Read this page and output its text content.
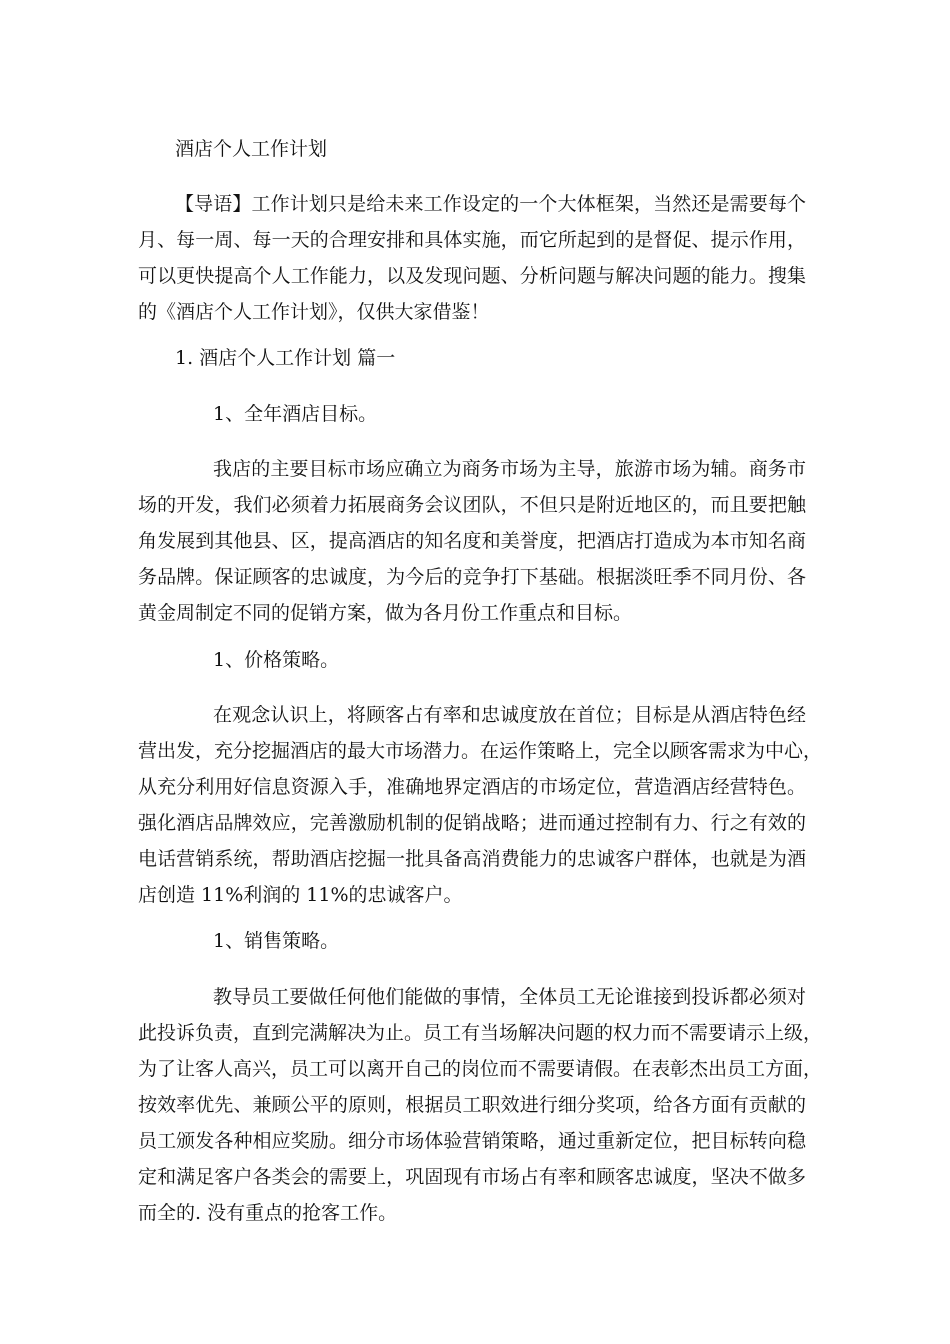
酒店个人工作计划
【导语】工作计划只是给未来工作设定的一个大体框架，当然还是需要每个
月、每一周、每一天的合理安排和具体实施，而它所起到的是督促、提示作用，
可以更快提高个人工作能力，以及发现问题、分析问题与解决问题的能力。搜集
的《酒店个人工作计划》，仅供大家借鉴！
1. 酒店个人工作计划 篇一
1、全年酒店目标。
我店的主要目标市场应确立为商务市场为主导，旅游市场为辅。商务市
场的开发，我们必须着力拓展商务会议团队，不但只是附近地区的，而且要把触
角发展到其他县、区，提高酒店的知名度和美誉度，把酒店打造成为本市知名商
务品牌。保证顾客的忠诚度，为今后的竞争打下基础。根据淡旺季不同月份、各
黄金周制定不同的促销方案，做为各月份工作重点和目标。
1、价格策略。
在观念认识上，将顾客占有率和忠诚度放在首位；目标是从酒店特色经
营出发，充分挖掘酒店的最大市场潜力。在运作策略上，完全以顾客需求为中心，
从充分利用好信息资源入手，准确地界定酒店的市场定位，营造酒店经营特色。
强化酒店品牌效应，完善激励机制的促销战略；进而通过控制有力、行之有效的
电话营销系统，帮助酒店挖掘一批具备高消费能力的忠诚客户群体，也就是为酒
店创造 11%利润的 11%的忠诚客户。
1、销售策略。
教导员工要做任何他们能做的事情，全体员工无论谁接到投诉都必须对
此投诉负责，直到完满解决为止。员工有当场解决问题的权力而不需要请示上级，
为了让客人高兴，员工可以离开自己的岗位而不需要请假。在表彰杰出员工方面，
按效率优先、兼顾公平的原则，根据员工职效进行细分奖项，给各方面有贡献的
员工颁发各种相应奖励。细分市场体验营销策略，通过重新定位，把目标转向稳
定和满足客户各类会的需要上，巩固现有市场占有率和顾客忠诚度，坚决不做多
而全的. 没有重点的抢客工作。
